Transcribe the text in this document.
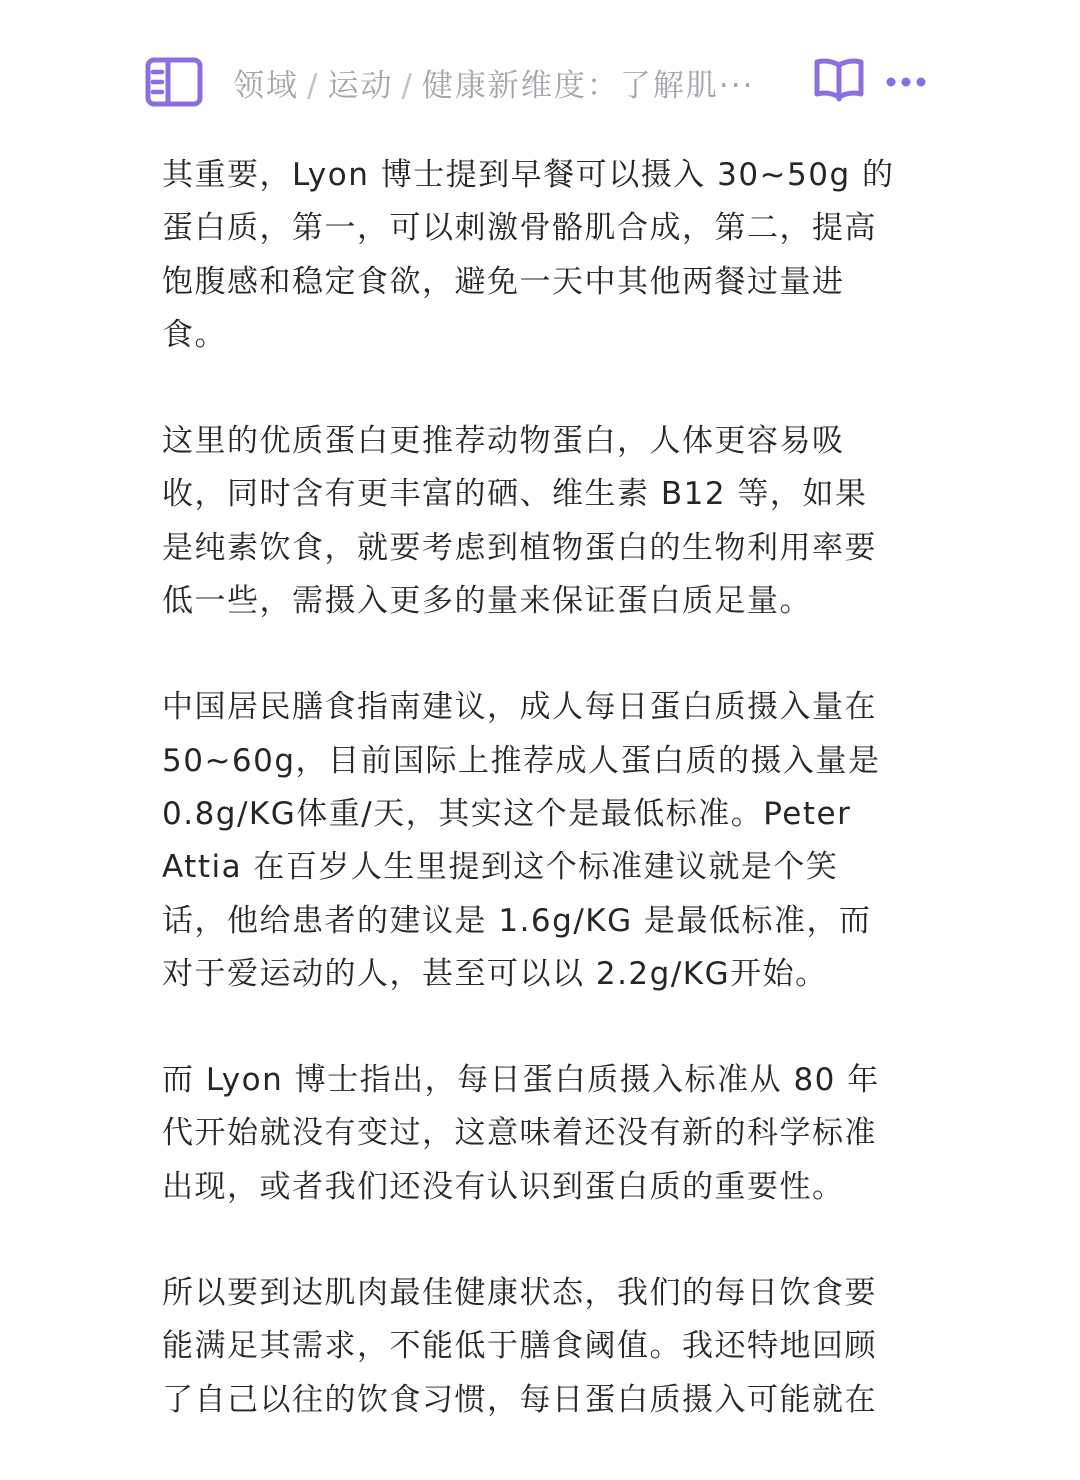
领域 / 运动 / 健康新维度：了解肌···

其重要，Lyon 博士提到早餐可以摄入 30~50g 的
蛋白质，第一，可以刺激骨骼肌合成，第二，提高
饱腹感和稳定食欲，避免一天中其他两餐过量进
食。

这里的优质蛋白更推荐动物蛋白，人体更容易吸
收，同时含有更丰富的硒、维生素 B12 等，如果
是纯素饮食，就要考虑到植物蛋白的生物利用率要
低一些，需摄入更多的量来保证蛋白质足量。

中国居民膳食指南建议，成人每日蛋白质摄入量在
50~60g，目前国际上推荐成人蛋白质的摄入量是
0.8g/KG体重/天，其实这个是最低标准。Peter
Attia 在百岁人生里提到这个标准建议就是个笑
话，他给患者的建议是 1.6g/KG 是最低标准，而
对于爱运动的人，甚至可以以 2.2g/KG开始。

而 Lyon 博士指出，每日蛋白质摄入标准从 80 年
代开始就没有变过，这意味着还没有新的科学标准
出现，或者我们还没有认识到蛋白质的重要性。

所以要到达肌肉最佳健康状态，我们的每日饮食要
能满足其需求，不能低于膳食阈值。我还特地回顾
了自己以往的饮食习惯，每日蛋白质摄入可能就在
